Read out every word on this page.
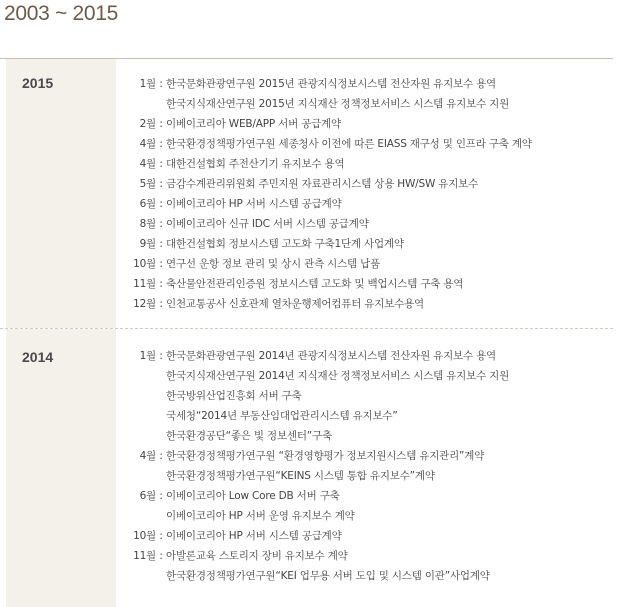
2003 ~ 2015
2015	1월 : 한국문화관광연구원 2015년 관광지식정보시스템 전산자원 유지보수 용역
한국지식재산연구원 2015년 지식재산 정책정보서비스 시스템 유지보수 지원
2월 : 이베이코리아 WEB/APP 서버 공급계약
4월 : 한국환경정책평가연구원 세종청사 이전에 따른 EIASS 재구성 및 인프라 구축 계약
4월 : 대한건설협회 주전산기기 유지보수 용역
5월 : 금감수계관리위원회 주민지원 자료관리시스템 상용 HW/SW 유지보수
6월 : 이베이코리아 HP 서버 시스템 공급계약
8월 : 이베이코리아 신규 IDC 서버 시스템 공급계약
9월 : 대한건설협회 정보시스템 고도화 구축1단계 사업계약
10월 : 연구선 운항 정보 관리 및 상시 관측 시스템 납품
11월 : 축산물안전관리인증원 정보시스템 고도화 및 백업시스템 구축 용역
12월 : 인천교통공사 신호관제 열차운행제어컴퓨터 유지보수용역
2014	1월 : 한국문화관광연구원 2014년 관광지식정보시스템 전산자원 유지보수 용역
한국지식재산연구원 2014년 지식재산 정책정보서비스 시스템 유지보수 지원
한국방위산업진흥회 서버 구축
국세청“2014년 부동산임대업관리시스템 유지보수”
한국환경공단“좋은 빛 정보센터”구축
4월 : 한국환경정책평가연구원 “환경영향평가 정보지원시스템 유지관리”계약
한국환경정책평가연구원“KEINS 시스템 통합 유지보수”계약
6월 : 이베이코리아 Low Core DB 서버 구축
이베이코리아 HP 서버 운영 유지보수 계약
10월 : 이베이코리아 HP 서버 시스템 공급계약
11월 : 아발론교육 스토리지 장비 유지보수 계약
한국환경정책평가연구원“KEI 업무용 서버 도입 및 시스템 이관”사업계약
